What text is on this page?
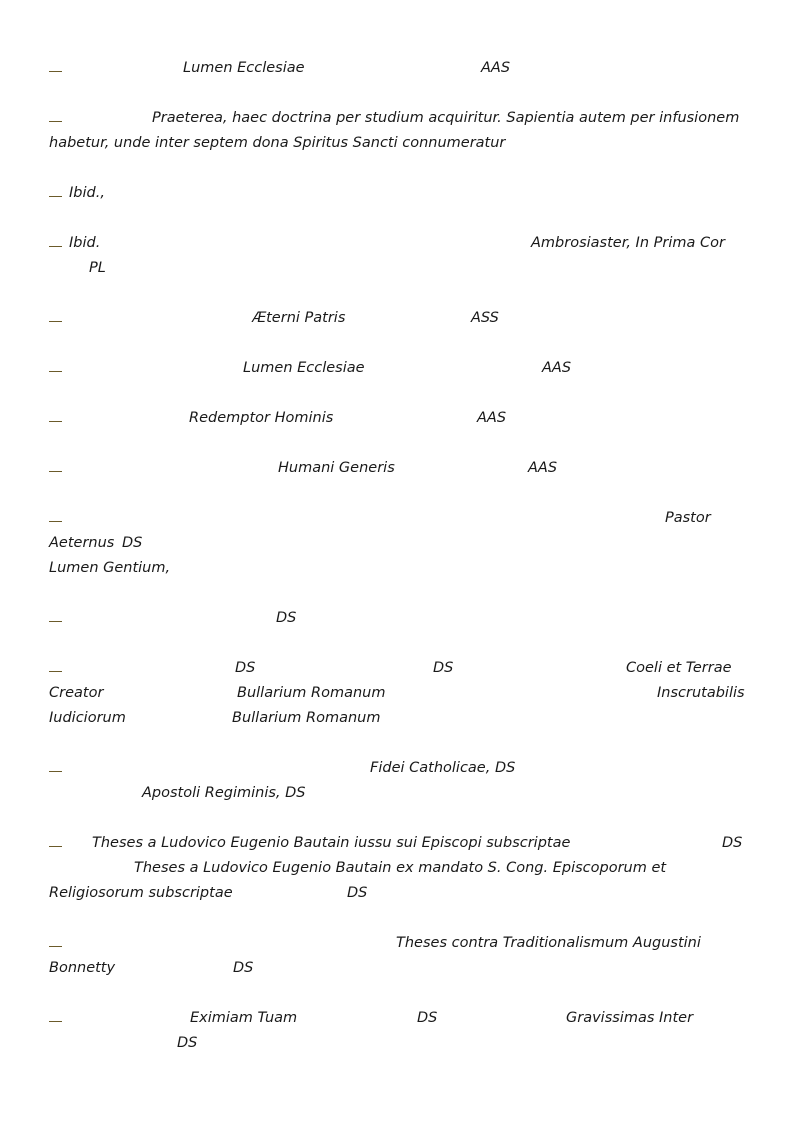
Lumen Ecclesiae	AAS
Praeterea, haec doctrina per studium acquiritur. Sapientia autem per infusionem
habetur, unde inter septem dona Spiritus Sancti connumeratur
Ibid.,
Ibid.	Ambrosiaster, In Prima Cor
PL
Æterni Patris	ASS
Lumen Ecclesiae	AAS
Redemptor Hominis	AAS
Humani Generis	AAS
Pastor
Aeternus DS
Lumen Gentium,
DS
DS	DS	Coeli et Terrae
Creator	Bullarium Romanum	Inscrutabilis
Iudiciorum	Bullarium Romanum
Fidei Catholicae, DS
Apostoli Regiminis, DS
Theses a Ludovico Eugenio Bautain iussu sui Episcopi subscriptae	DS
Theses a Ludovico Eugenio Bautain ex mandato S. Cong. Episcoporum et
Religiosorum subscriptae	DS
Theses contra Traditionalismum Augustini
Bonnetty	DS
Eximiam Tuam	DS	Gravissimas Inter
DS
